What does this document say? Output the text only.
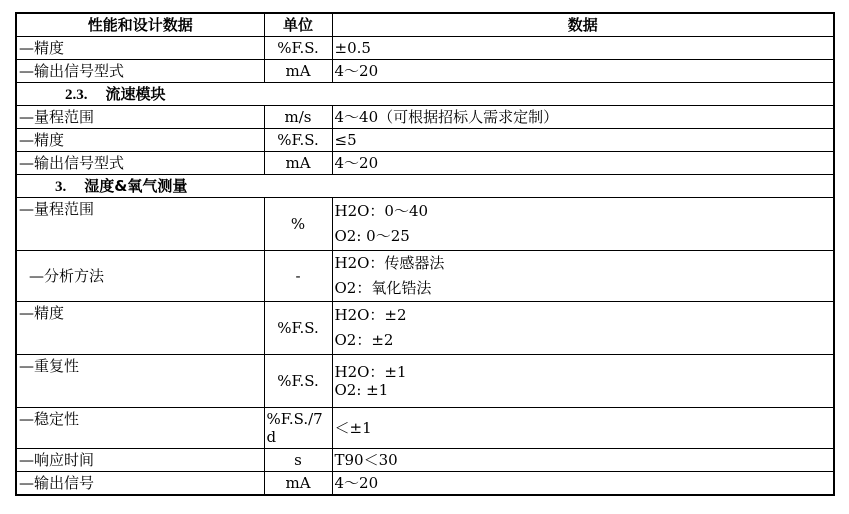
性能和设计数据	单位	数据
—精度	%F.S.	±0.5
—输出信号型式	mA	4～20
2.3. 流速模块		
—量程范围	m/s	4～40（可根据招标人需求定制）
—精度	%F.S.	≤5
—输出信号型式	mA	4～20
3. 湿度&氧气测量		
—量程范围	%	H2O：0～40
O2: 0～25

—分析方法	-	H2O：传感器法
O2：氧化锆法

—精度	%F.S.	H2O：±2
O2：±2

—重复性	%F.S.	H2O：±1
O2: ±1

—稳定性	%F.S./7d	＜±1
—响应时间	s	T90＜30
—输出信号	mA	4～20
